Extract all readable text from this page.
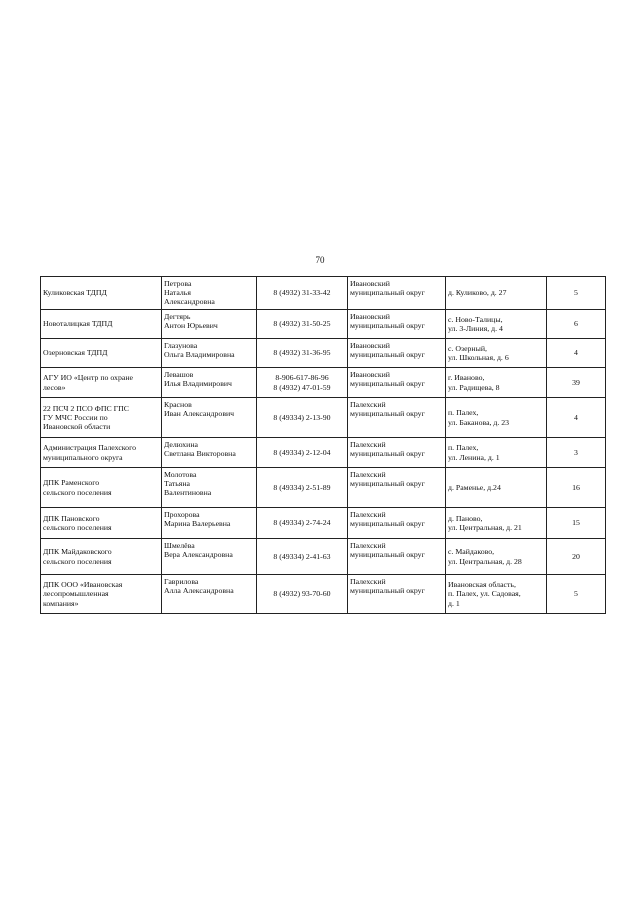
70
Куликовская ТДПД	Петрова
Наталья
Александровна	8 (4932) 31-33-42	Ивановский
муниципальный округ	д. Куликово, д. 27	5

Новоталицкая ТДПД	Дегтярь
Антон Юрьевич	8 (4932) 31-50-25	Ивановский
муниципальный округ	с. Ново-Талицы,
ул. 3-Линия, д. 4	6

Озерновская ТДПД	Глазунова
Ольга Владимировна	8 (4932) 31-36-95	Ивановский
муниципальный округ	с. Озерный,
ул. Школьная, д. 6	4

АГУ ИО «Центр по охране
лесов»	Левашов
Илья Владимирович	8-906-617-86-96
8 (4932) 47-01-59	Ивановский
муниципальный округ	г. Иваново,
ул. Радищева, 8	39

22 ПСЧ 2 ПСО ФПС ГПС
ГУ МЧС России по
Ивановской области	Краснов
Иван Александрович	8 (49334) 2-13-90	Палехский
муниципальный округ	п. Палех,
ул. Баканова, д. 23	4

Администрация Палехского
муниципального округа	Делюхина
Светлана Викторовна	8 (49334) 2-12-04	Палехский
муниципальный округ	п. Палех,
ул. Ленина, д. 1	3

ДПК Раменского
сельского поселения	Молотова
Татьяна
Валентиновна	8 (49334) 2-51-89	Палехский
муниципальный округ	д. Раменье, д.24	16

ДПК Пановского
сельского поселения	Прохорова
Марина Валерьевна	8 (49334) 2-74-24	Палехский
муниципальный округ	д. Паново,
ул. Центральная, д. 21	15

ДПК Майдаковского
сельского поселения	Шмелёва
Вера Александровна	8 (49334) 2-41-63	Палехский
муниципальный округ	с. Майдаково,
ул. Центральная, д. 28	20

ДПК ООО «Ивановская
лесопромышленная
компания»	Гаврилова
Алла Александровна	8 (4932) 93-70-60	Палехский
муниципальный округ	Ивановская область,
п. Палех, ул. Садовая,
д. 1	5
